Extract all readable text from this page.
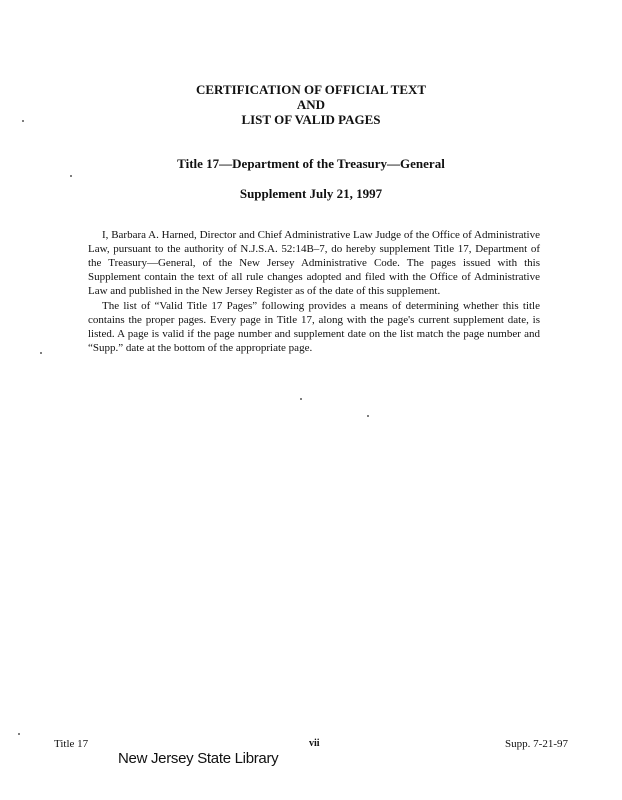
CERTIFICATION OF OFFICIAL TEXT
AND
LIST OF VALID PAGES
Title 17—Department of the Treasury—General
Supplement July 21, 1997

I, Barbara A. Harned, Director and Chief Administrative Law Judge of the Office of Administrative Law, pursuant to the authority of N.J.S.A. 52:14B–7, do hereby supplement Title 17, Department of the Treasury—General, of the New Jersey Administrative Code. The pages issued with this Supplement contain the text of all rule changes adopted and filed with the Office of Administrative Law and published in the New Jersey Register as of the date of this supplement.

The list of “Valid Title 17 Pages” following provides a means of determining whether this title contains the proper pages. Every page in Title 17, along with the page's current supplement date, is listed. A page is valid if the page number and supplement date on the list match the page number and “Supp.” date at the bottom of the appropriate page.

Title 17	vii	Supp. 7-21-97
New Jersey State Library
